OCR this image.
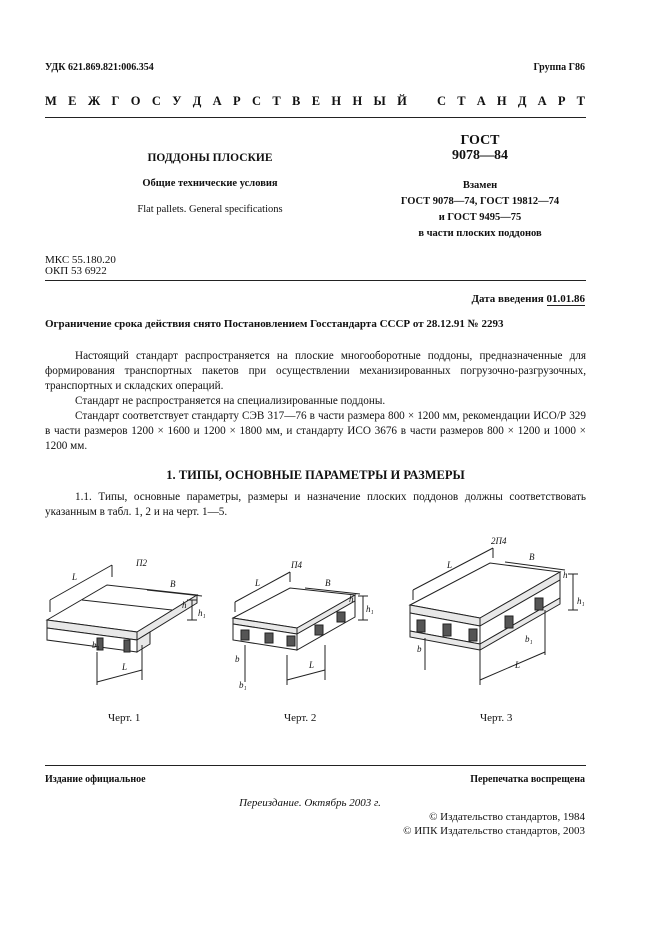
УДК 621.869.821:006.354	Группа Г86
М Е Ж Г О С У Д А Р С Т В Е Н Н Ы Й С Т А Н Д А Р Т
ПОДДОНЫ ПЛОСКИЕ
Общие технические условия
Flat pallets. General specifications
ГОСТ
9078—84
Взамен
ГОСТ 9078—74, ГОСТ 19812—74
и ГОСТ 9495—75
в части плоских поддонов
МКС 55.180.20
ОКП 53 6922
Дата введения 01.01.86
Ограничение срока действия снято Постановлением Госстандарта СССР от 28.12.91 № 2293
Настоящий стандарт распространяется на плоские многооборотные поддоны, предназначенные для формирования транспортных пакетов при осуществлении механизированных погрузочно-разгрузочных, транспортных и складских операций.
Стандарт не распространяется на специализированные поддоны.
Стандарт соответствует стандарту СЭВ 317—76 в части размера 800 × 1200 мм, рекомендации ИСО/Р 329 в части размеров 1200 × 1600 и 1200 × 1800 мм, и стандарту ИСО 3676 в части размеров 800 × 1200 и 1000 × 1200 мм.
1. ТИПЫ, ОСНОВНЫЕ ПАРАМЕТРЫ И РАЗМЕРЫ
1.1. Типы, основные параметры, размеры и назначение плоских поддонов должны соответствовать указанным в табл. 1, 2 и на черт. 1—5.
П2
L
B
h
h₁
L
b₁
Черт. 1
П4
L	B
h
h₁
L
b
b₁
Черт. 2
2П4
L
B
h
h₁
L
b
b₁
Черт. 3
Издание официальное	Перепечатка воспрещена
Переиздание. Октябрь 2003 г.
© Издательство стандартов, 1984
© ИПК Издательство стандартов, 2003
